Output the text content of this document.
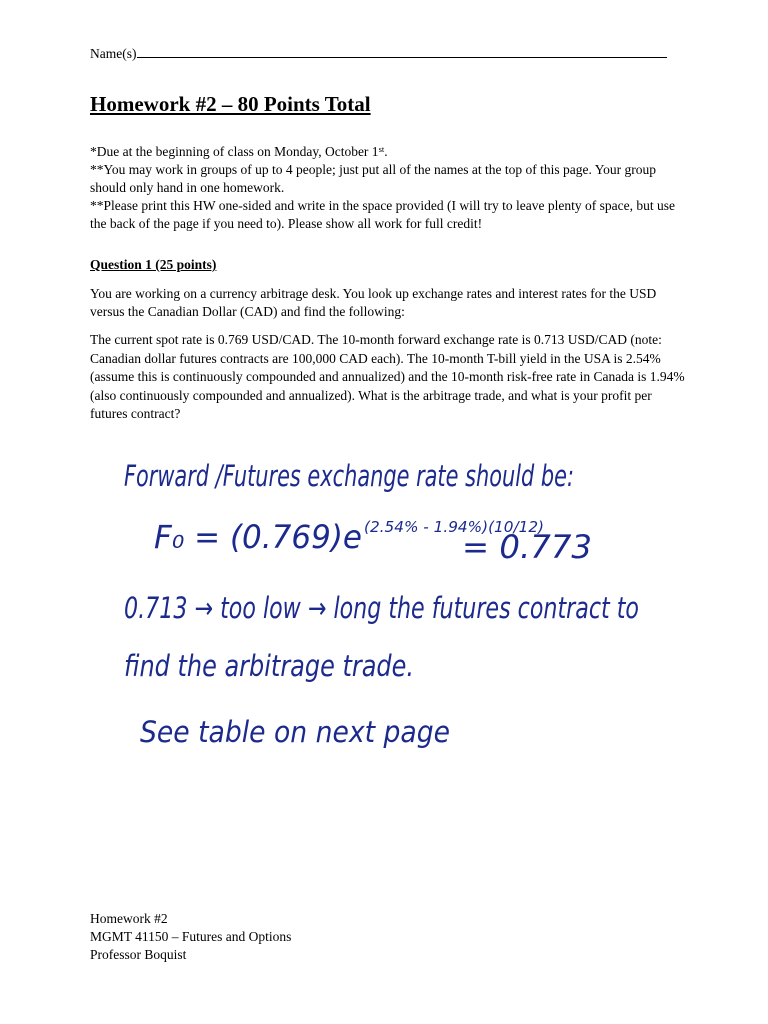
Name(s)
Homework #2 – 80 Points Total

*Due at the beginning of class on Monday, October 1st.

**You may work in groups of up to 4 people; just put all of the names at the top of this page. Your group should only hand in one homework.

**Please print this HW one-sided and write in the space provided (I will try to leave plenty of space, but use the back of the page if you need to). Please show all work for full credit!

Question 1 (25 points)
You are working on a currency arbitrage desk. You look up exchange rates and interest rates for the USD versus the Canadian Dollar (CAD) and find the following:
The current spot rate is 0.769 USD/CAD. The 10-month forward exchange rate is 0.713 USD/CAD (note: Canadian dollar futures contracts are 100,000 CAD each). The 10-month T-bill yield in the USA is 2.54% (assume this is continuously compounded and annualized) and the 10-month risk-free rate in Canada is 1.94% (also continuously compounded and annualized). What is the arbitrage trade, and what is your profit per futures contract?
Forward /Futures exchange rate should be:
F₀ = (0.769)e (2.54% - 1.94%)(10/12)
= 0.773
0.713 → too low → long the futures contract to
find the arbitrage trade.
See table on next page
Homework #2
MGMT 41150 – Futures and Options
Professor Boquist
